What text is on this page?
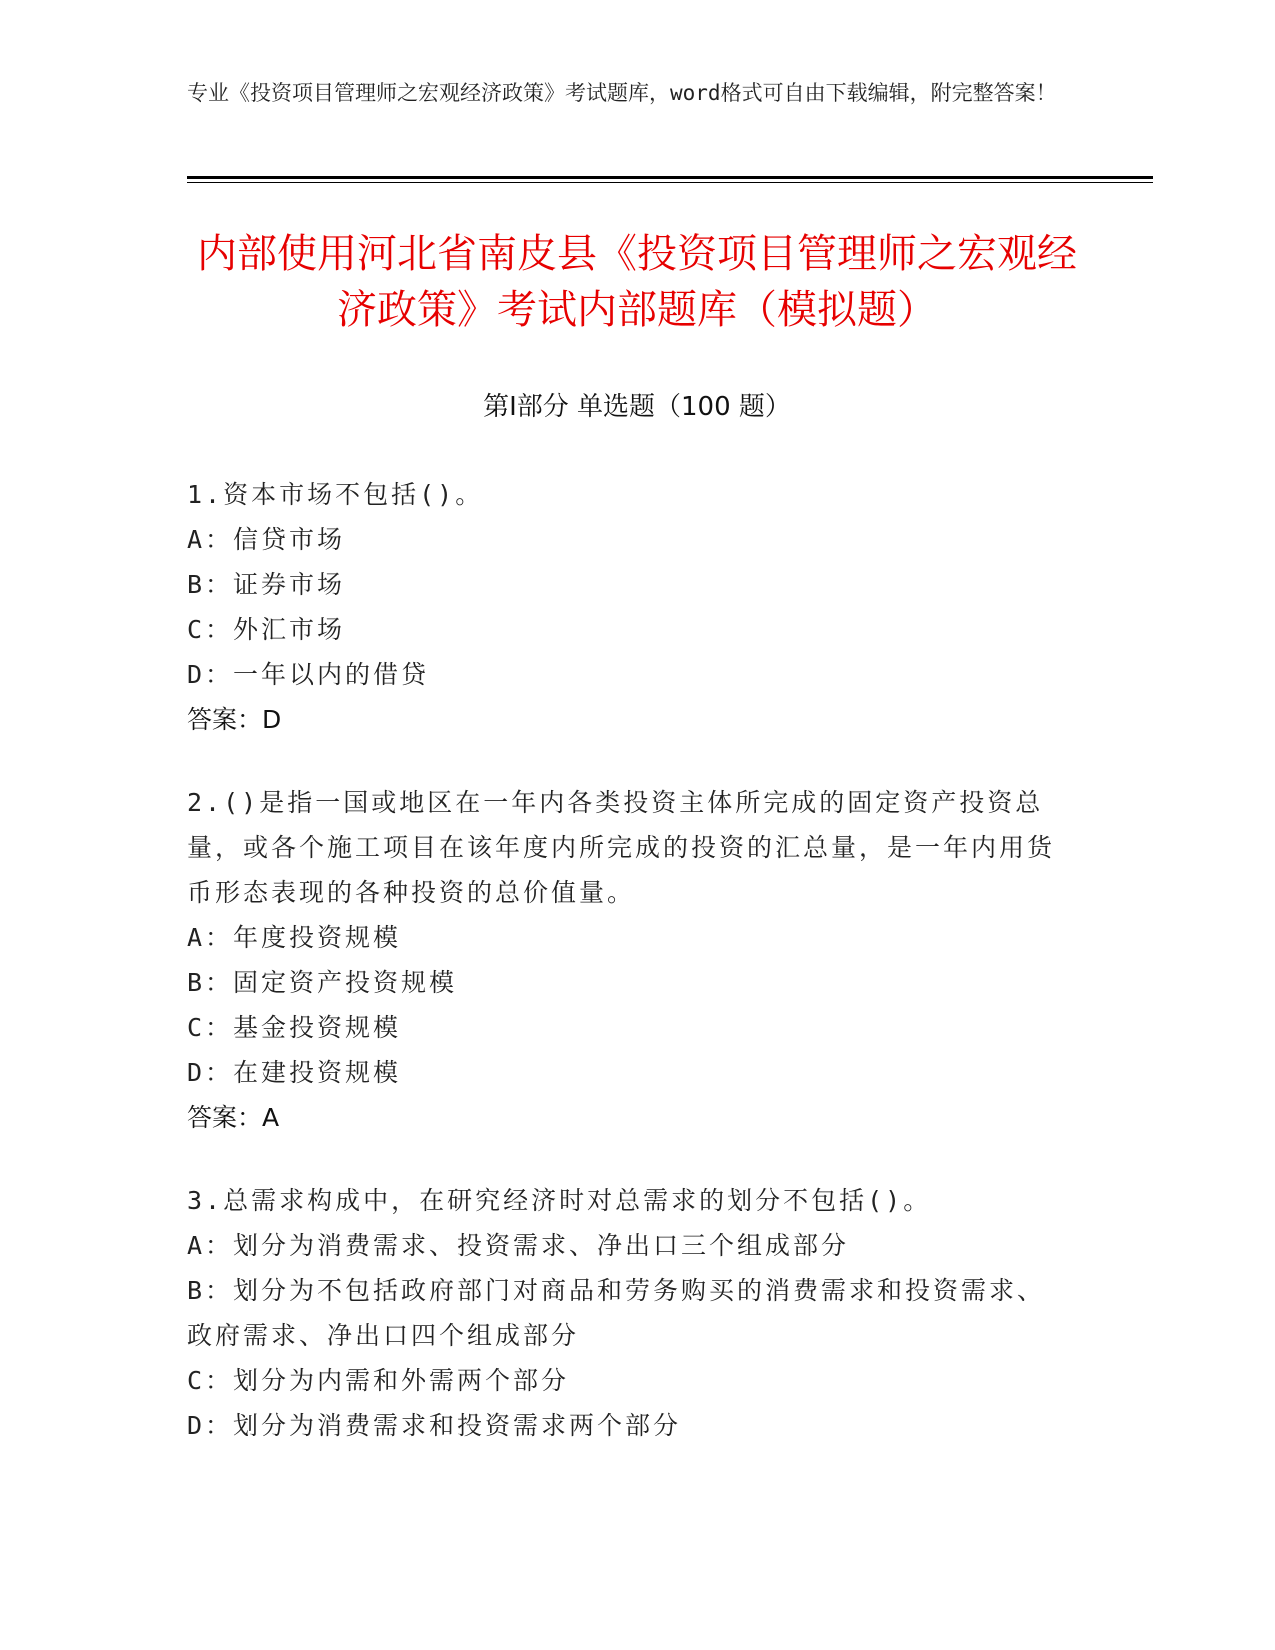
专业《投资项目管理师之宏观经济政策》考试题库，word格式可自由下载编辑，附完整答案！
内部使用河北省南皮县《投资项目管理师之宏观经济政策》考试内部题库（模拟题）
第Ⅰ部分 单选题（100 题）
1.资本市场不包括()。
A：信贷市场
B：证券市场
C：外汇市场
D：一年以内的借贷
答案：D
2.()是指一国或地区在一年内各类投资主体所完成的固定资产投资总量，或各个施工项目在该年度内所完成的投资的汇总量，是一年内用货币形态表现的各种投资的总价值量。
A：年度投资规模
B：固定资产投资规模
C：基金投资规模
D：在建投资规模
答案：A
3.总需求构成中，在研究经济时对总需求的划分不包括()。
A：划分为消费需求、投资需求、净出口三个组成部分
B：划分为不包括政府部门对商品和劳务购买的消费需求和投资需求、政府需求、净出口四个组成部分
C：划分为内需和外需两个部分
D：划分为消费需求和投资需求两个部分
